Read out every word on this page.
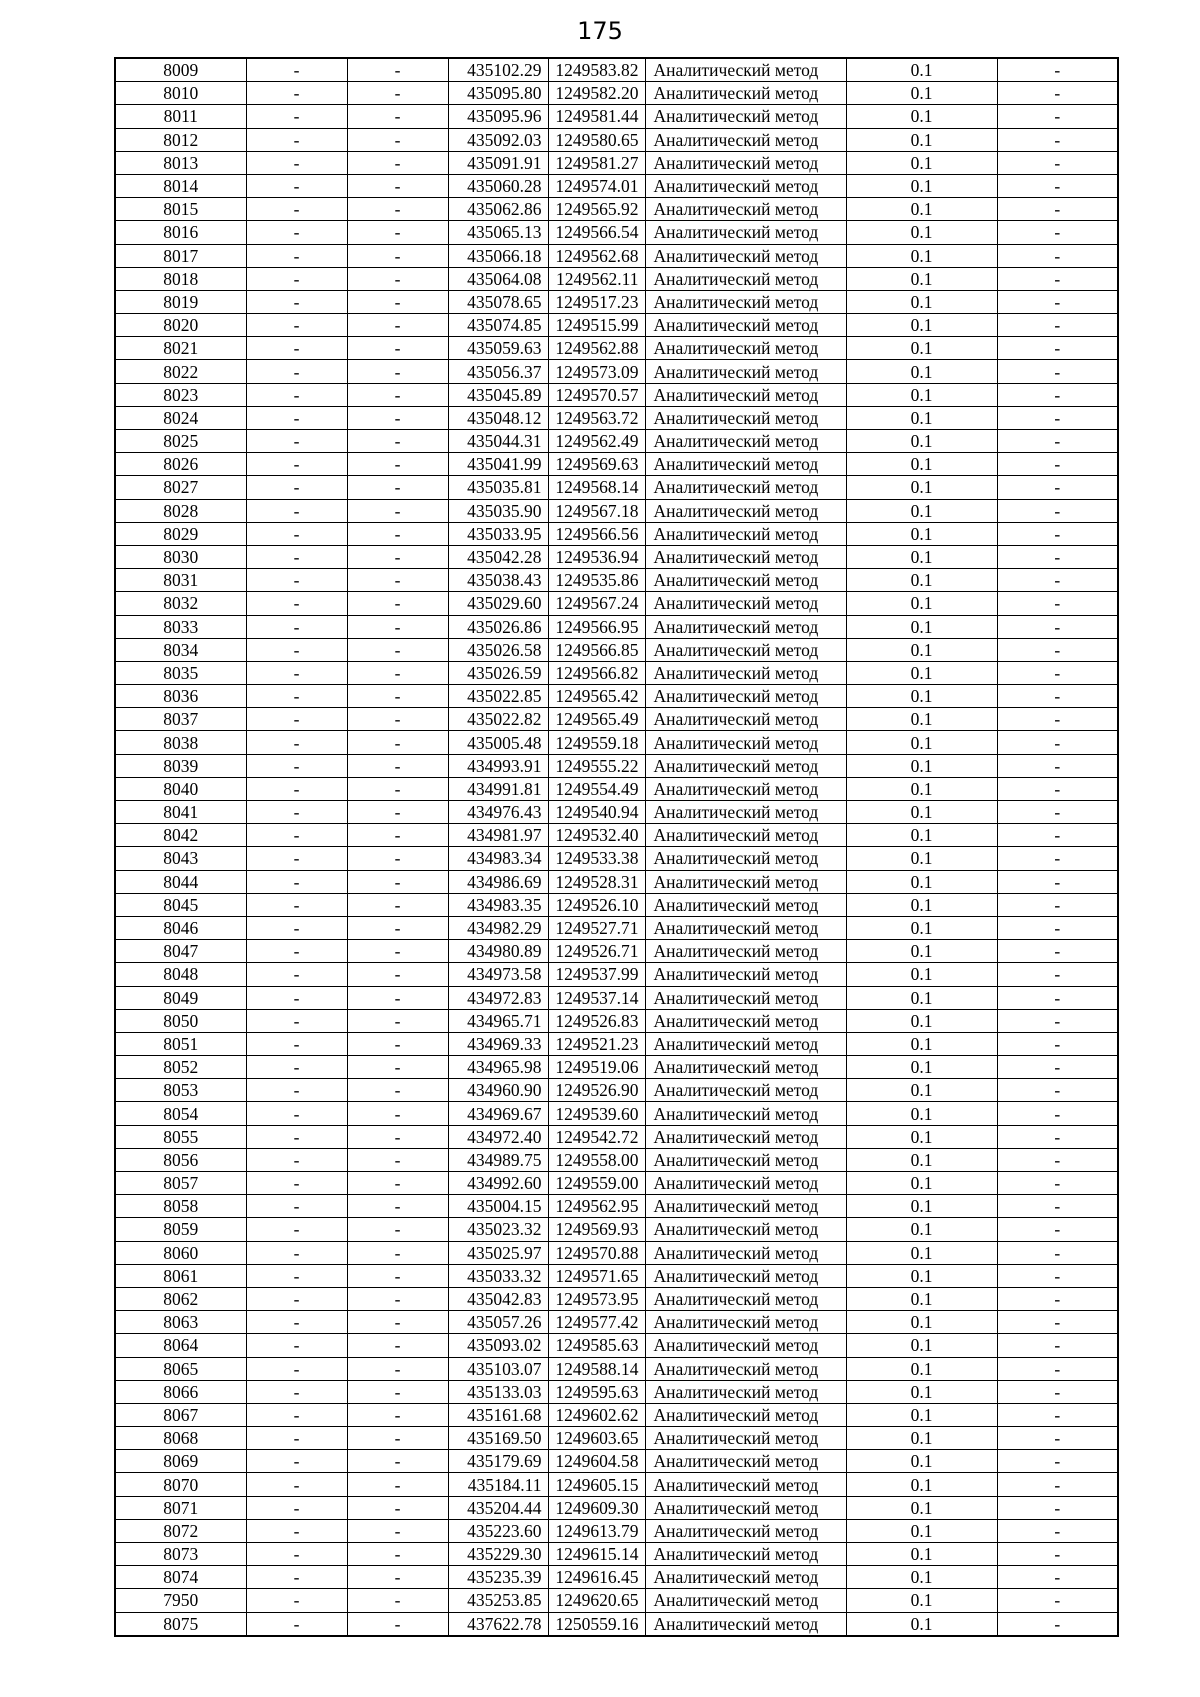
175
8009	-	-	435102.29	1249583.82	Аналитический метод	0.1	-
8010	-	-	435095.80	1249582.20	Аналитический метод	0.1	-
8011	-	-	435095.96	1249581.44	Аналитический метод	0.1	-
8012	-	-	435092.03	1249580.65	Аналитический метод	0.1	-
8013	-	-	435091.91	1249581.27	Аналитический метод	0.1	-
8014	-	-	435060.28	1249574.01	Аналитический метод	0.1	-
8015	-	-	435062.86	1249565.92	Аналитический метод	0.1	-
8016	-	-	435065.13	1249566.54	Аналитический метод	0.1	-
8017	-	-	435066.18	1249562.68	Аналитический метод	0.1	-
8018	-	-	435064.08	1249562.11	Аналитический метод	0.1	-
8019	-	-	435078.65	1249517.23	Аналитический метод	0.1	-
8020	-	-	435074.85	1249515.99	Аналитический метод	0.1	-
8021	-	-	435059.63	1249562.88	Аналитический метод	0.1	-
8022	-	-	435056.37	1249573.09	Аналитический метод	0.1	-
8023	-	-	435045.89	1249570.57	Аналитический метод	0.1	-
8024	-	-	435048.12	1249563.72	Аналитический метод	0.1	-
8025	-	-	435044.31	1249562.49	Аналитический метод	0.1	-
8026	-	-	435041.99	1249569.63	Аналитический метод	0.1	-
8027	-	-	435035.81	1249568.14	Аналитический метод	0.1	-
8028	-	-	435035.90	1249567.18	Аналитический метод	0.1	-
8029	-	-	435033.95	1249566.56	Аналитический метод	0.1	-
8030	-	-	435042.28	1249536.94	Аналитический метод	0.1	-
8031	-	-	435038.43	1249535.86	Аналитический метод	0.1	-
8032	-	-	435029.60	1249567.24	Аналитический метод	0.1	-
8033	-	-	435026.86	1249566.95	Аналитический метод	0.1	-
8034	-	-	435026.58	1249566.85	Аналитический метод	0.1	-
8035	-	-	435026.59	1249566.82	Аналитический метод	0.1	-
8036	-	-	435022.85	1249565.42	Аналитический метод	0.1	-
8037	-	-	435022.82	1249565.49	Аналитический метод	0.1	-
8038	-	-	435005.48	1249559.18	Аналитический метод	0.1	-
8039	-	-	434993.91	1249555.22	Аналитический метод	0.1	-
8040	-	-	434991.81	1249554.49	Аналитический метод	0.1	-
8041	-	-	434976.43	1249540.94	Аналитический метод	0.1	-
8042	-	-	434981.97	1249532.40	Аналитический метод	0.1	-
8043	-	-	434983.34	1249533.38	Аналитический метод	0.1	-
8044	-	-	434986.69	1249528.31	Аналитический метод	0.1	-
8045	-	-	434983.35	1249526.10	Аналитический метод	0.1	-
8046	-	-	434982.29	1249527.71	Аналитический метод	0.1	-
8047	-	-	434980.89	1249526.71	Аналитический метод	0.1	-
8048	-	-	434973.58	1249537.99	Аналитический метод	0.1	-
8049	-	-	434972.83	1249537.14	Аналитический метод	0.1	-
8050	-	-	434965.71	1249526.83	Аналитический метод	0.1	-
8051	-	-	434969.33	1249521.23	Аналитический метод	0.1	-
8052	-	-	434965.98	1249519.06	Аналитический метод	0.1	-
8053	-	-	434960.90	1249526.90	Аналитический метод	0.1	-
8054	-	-	434969.67	1249539.60	Аналитический метод	0.1	-
8055	-	-	434972.40	1249542.72	Аналитический метод	0.1	-
8056	-	-	434989.75	1249558.00	Аналитический метод	0.1	-
8057	-	-	434992.60	1249559.00	Аналитический метод	0.1	-
8058	-	-	435004.15	1249562.95	Аналитический метод	0.1	-
8059	-	-	435023.32	1249569.93	Аналитический метод	0.1	-
8060	-	-	435025.97	1249570.88	Аналитический метод	0.1	-
8061	-	-	435033.32	1249571.65	Аналитический метод	0.1	-
8062	-	-	435042.83	1249573.95	Аналитический метод	0.1	-
8063	-	-	435057.26	1249577.42	Аналитический метод	0.1	-
8064	-	-	435093.02	1249585.63	Аналитический метод	0.1	-
8065	-	-	435103.07	1249588.14	Аналитический метод	0.1	-
8066	-	-	435133.03	1249595.63	Аналитический метод	0.1	-
8067	-	-	435161.68	1249602.62	Аналитический метод	0.1	-
8068	-	-	435169.50	1249603.65	Аналитический метод	0.1	-
8069	-	-	435179.69	1249604.58	Аналитический метод	0.1	-
8070	-	-	435184.11	1249605.15	Аналитический метод	0.1	-
8071	-	-	435204.44	1249609.30	Аналитический метод	0.1	-
8072	-	-	435223.60	1249613.79	Аналитический метод	0.1	-
8073	-	-	435229.30	1249615.14	Аналитический метод	0.1	-
8074	-	-	435235.39	1249616.45	Аналитический метод	0.1	-
7950	-	-	435253.85	1249620.65	Аналитический метод	0.1	-
8075	-	-	437622.78	1250559.16	Аналитический метод	0.1	-
